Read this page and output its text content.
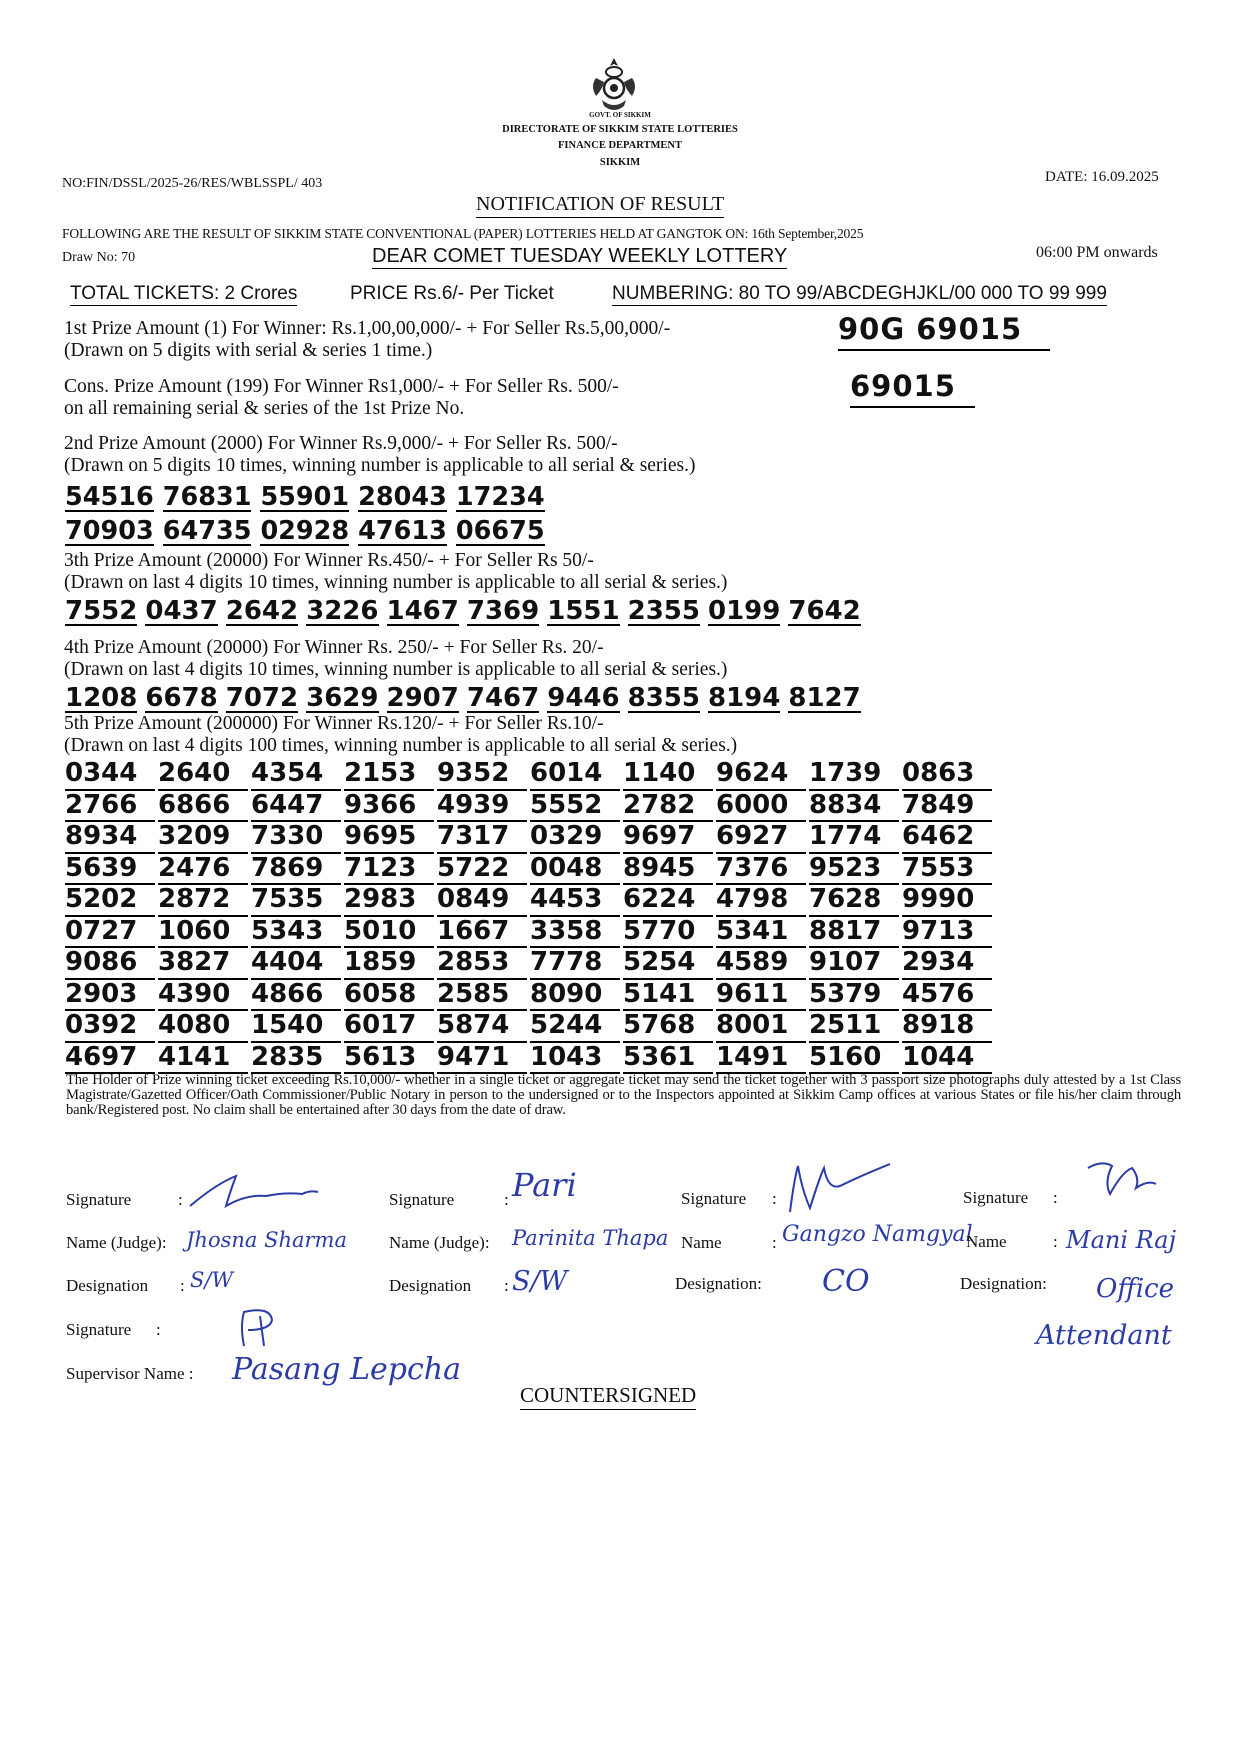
GOVT. OF SIKKIM
DIRECTORATE OF SIKKIM STATE LOTTERIES
FINANCE DEPARTMENT
SIKKIM
NO:FIN/DSSL/2025-26/RES/WBLSSPL/ 403	DATE: 16.09.2025
NOTIFICATION OF RESULT
FOLLOWING ARE THE RESULT OF SIKKIM STATE CONVENTIONAL (PAPER) LOTTERIES HELD AT GANGTOK ON: 16th September,2025
Draw No: 70	DEAR COMET TUESDAY WEEKLY LOTTERY	06:00 PM onwards
TOTAL TICKETS: 2 Crores	PRICE Rs.6/- Per Ticket	NUMBERING: 80 TO 99/ABCDEGHJKL/00 000 TO 99 999
1st Prize Amount (1) For Winner: Rs.1,00,00,000/- + For Seller Rs.5,00,000/-
(Drawn on 5 digits with serial & series 1 time.)
90G 69015
Cons. Prize Amount (199) For Winner Rs1,000/- + For Seller Rs. 500/-
on all remaining serial & series of the 1st Prize No.
69015
2nd Prize Amount (2000) For Winner Rs.9,000/- + For Seller Rs. 500/-
(Drawn on 5 digits 10 times, winning number is applicable to all serial & series.)
54516 76831 55901 28043 17234
70903 64735 02928 47613 06675
3th Prize Amount (20000) For Winner Rs.450/- + For Seller Rs 50/-
(Drawn on last 4 digits 10 times, winning number is applicable to all serial & series.)
7552 0437 2642 3226 1467 7369 1551 2355 0199 7642
4th Prize Amount (20000) For Winner Rs. 250/- + For Seller Rs. 20/-
(Drawn on last 4 digits 10 times, winning number is applicable to all serial & series.)
1208 6678 7072 3629 2907 7467 9446 8355 8194 8127
5th Prize Amount (200000) For Winner Rs.120/- + For Seller Rs.10/-
(Drawn on last 4 digits 100 times, winning number is applicable to all serial & series.)
0344 2640 4354 2153 9352 6014 1140 9624 1739 0863
2766 6866 6447 9366 4939 5552 2782 6000 8834 7849
8934 3209 7330 9695 7317 0329 9697 6927 1774 6462
5639 2476 7869 7123 5722 0048 8945 7376 9523 7553
5202 2872 7535 2983 0849 4453 6224 4798 7628 9990
0727 1060 5343 5010 1667 3358 5770 5341 8817 9713
9086 3827 4404 1859 2853 7778 5254 4589 9107 2934
2903 4390 4866 6058 2585 8090 5141 9611 5379 4576
0392 4080 1540 6017 5874 5244 5768 8001 2511 8918
4697 4141 2835 5613 9471 1043 5361 1491 5160 1044
The Holder of Prize winning ticket exceeding Rs.10,000/- whether in a single ticket or aggregate ticket may send the ticket together with 3 passport size photographs duly attested by a 1st Class Magistrate/Gazetted Officer/Oath Commissioner/Public Notary in person to the undersigned or to the Inspectors appointed at Sikkim Camp offices at various States or file his/her claim through bank/Registered post. No claim shall be entertained after 30 days from the date of draw.
Signature	:
Name (Judge): Jhosna Sharma
Designation : S/W
Signature	: Pari
Name (Judge): Parinita Thapa
Designation : S/W
Signature :
Name	: Gangzo Namgyal
Designation: CO
Signature :
Name	: Mani Raj
Designation: Office
Attendant
Signature :
Supervisor Name : Pasang Lepcha
COUNTERSIGNED
